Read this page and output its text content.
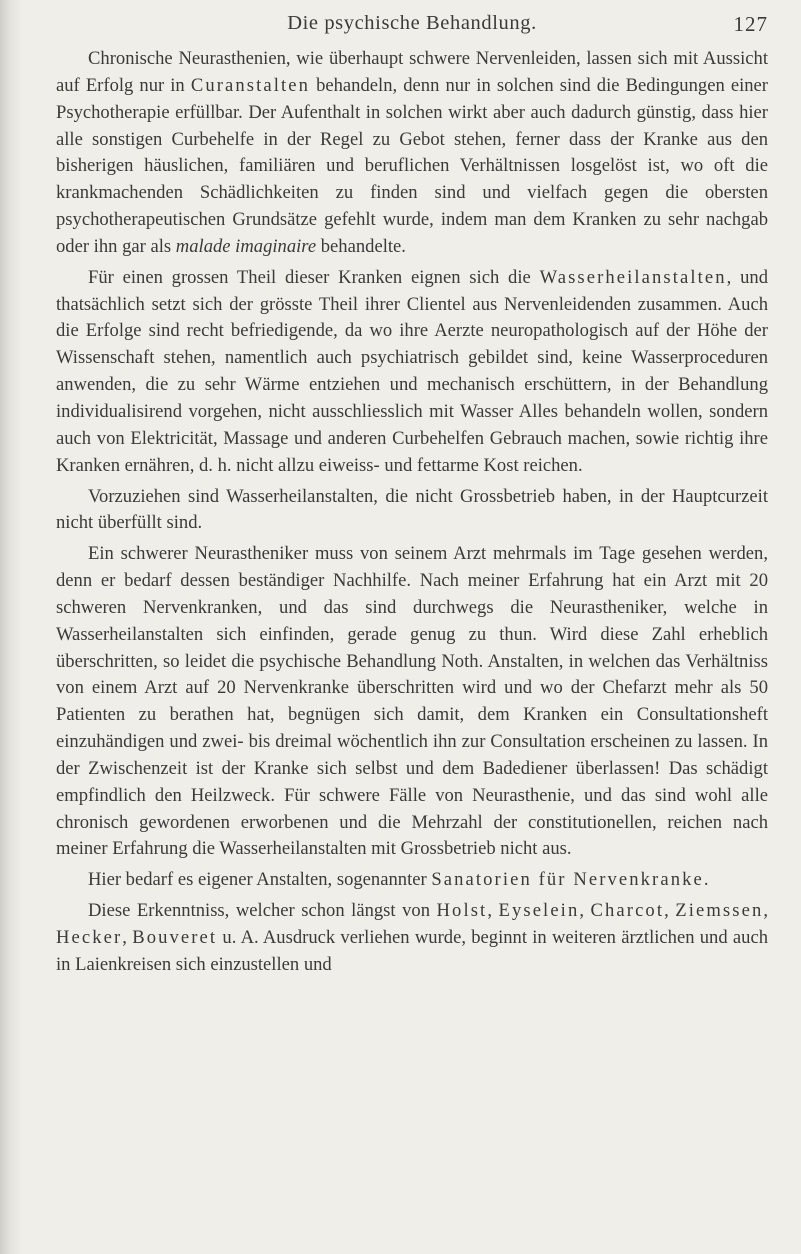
Die psychische Behandlung.	127

Chronische Neurasthenien, wie überhaupt schwere Nervenleiden, lassen sich mit Aussicht auf Erfolg nur in Curanstalten behandeln, denn nur in solchen sind die Bedingungen einer Psychotherapie erfüllbar. Der Aufenthalt in solchen wirkt aber auch dadurch günstig, dass hier alle sonstigen Curbehelfe in der Regel zu Gebot stehen, ferner dass der Kranke aus den bisherigen häuslichen, familiären und beruflichen Verhältnissen losgelöst ist, wo oft die krankmachenden Schädlichkeiten zu finden sind und vielfach gegen die obersten psychotherapeutischen Grundsätze gefehlt wurde, indem man dem Kranken zu sehr nachgab oder ihn gar als malade imaginaire behandelte.

Für einen grossen Theil dieser Kranken eignen sich die Wasserheilanstalten, und thatsächlich setzt sich der grösste Theil ihrer Clientel aus Nervenleidenden zusammen. Auch die Erfolge sind recht befriedigende, da wo ihre Aerzte neuropathologisch auf der Höhe der Wissenschaft stehen, namentlich auch psychiatrisch gebildet sind, keine Wasserproceduren anwenden, die zu sehr Wärme entziehen und mechanisch erschüttern, in der Behandlung individualisirend vorgehen, nicht ausschliesslich mit Wasser Alles behandeln wollen, sondern auch von Elektricität, Massage und anderen Curbehelfen Gebrauch machen, sowie richtig ihre Kranken ernähren, d. h. nicht allzu eiweiss- und fettarme Kost reichen.

Vorzuziehen sind Wasserheilanstalten, die nicht Grossbetrieb haben, in der Hauptcurzeit nicht überfüllt sind.

Ein schwerer Neurastheniker muss von seinem Arzt mehrmals im Tage gesehen werden, denn er bedarf dessen beständiger Nachhilfe. Nach meiner Erfahrung hat ein Arzt mit 20 schweren Nervenkranken, und das sind durchwegs die Neurastheniker, welche in Wasserheilanstalten sich einfinden, gerade genug zu thun. Wird diese Zahl erheblich überschritten, so leidet die psychische Behandlung Noth. Anstalten, in welchen das Verhältniss von einem Arzt auf 20 Nervenkranke überschritten wird und wo der Chefarzt mehr als 50 Patienten zu berathen hat, begnügen sich damit, dem Kranken ein Consultationsheft einzuhändigen und zwei- bis dreimal wöchentlich ihn zur Consultation erscheinen zu lassen. In der Zwischenzeit ist der Kranke sich selbst und dem Badediener überlassen! Das schädigt empfindlich den Heilzweck. Für schwere Fälle von Neurasthenie, und das sind wohl alle chronisch gewordenen erworbenen und die Mehrzahl der constitutionellen, reichen nach meiner Erfahrung die Wasserheilanstalten mit Grossbetrieb nicht aus.

Hier bedarf es eigener Anstalten, sogenannter Sanatorien für Nervenkranke.

Diese Erkenntniss, welcher schon längst von Holst, Eyselein, Charcot, Ziemssen, Hecker, Bouveret u. A. Ausdruck verliehen wurde, beginnt in weiteren ärztlichen und auch in Laienkreisen sich einzustellen und
